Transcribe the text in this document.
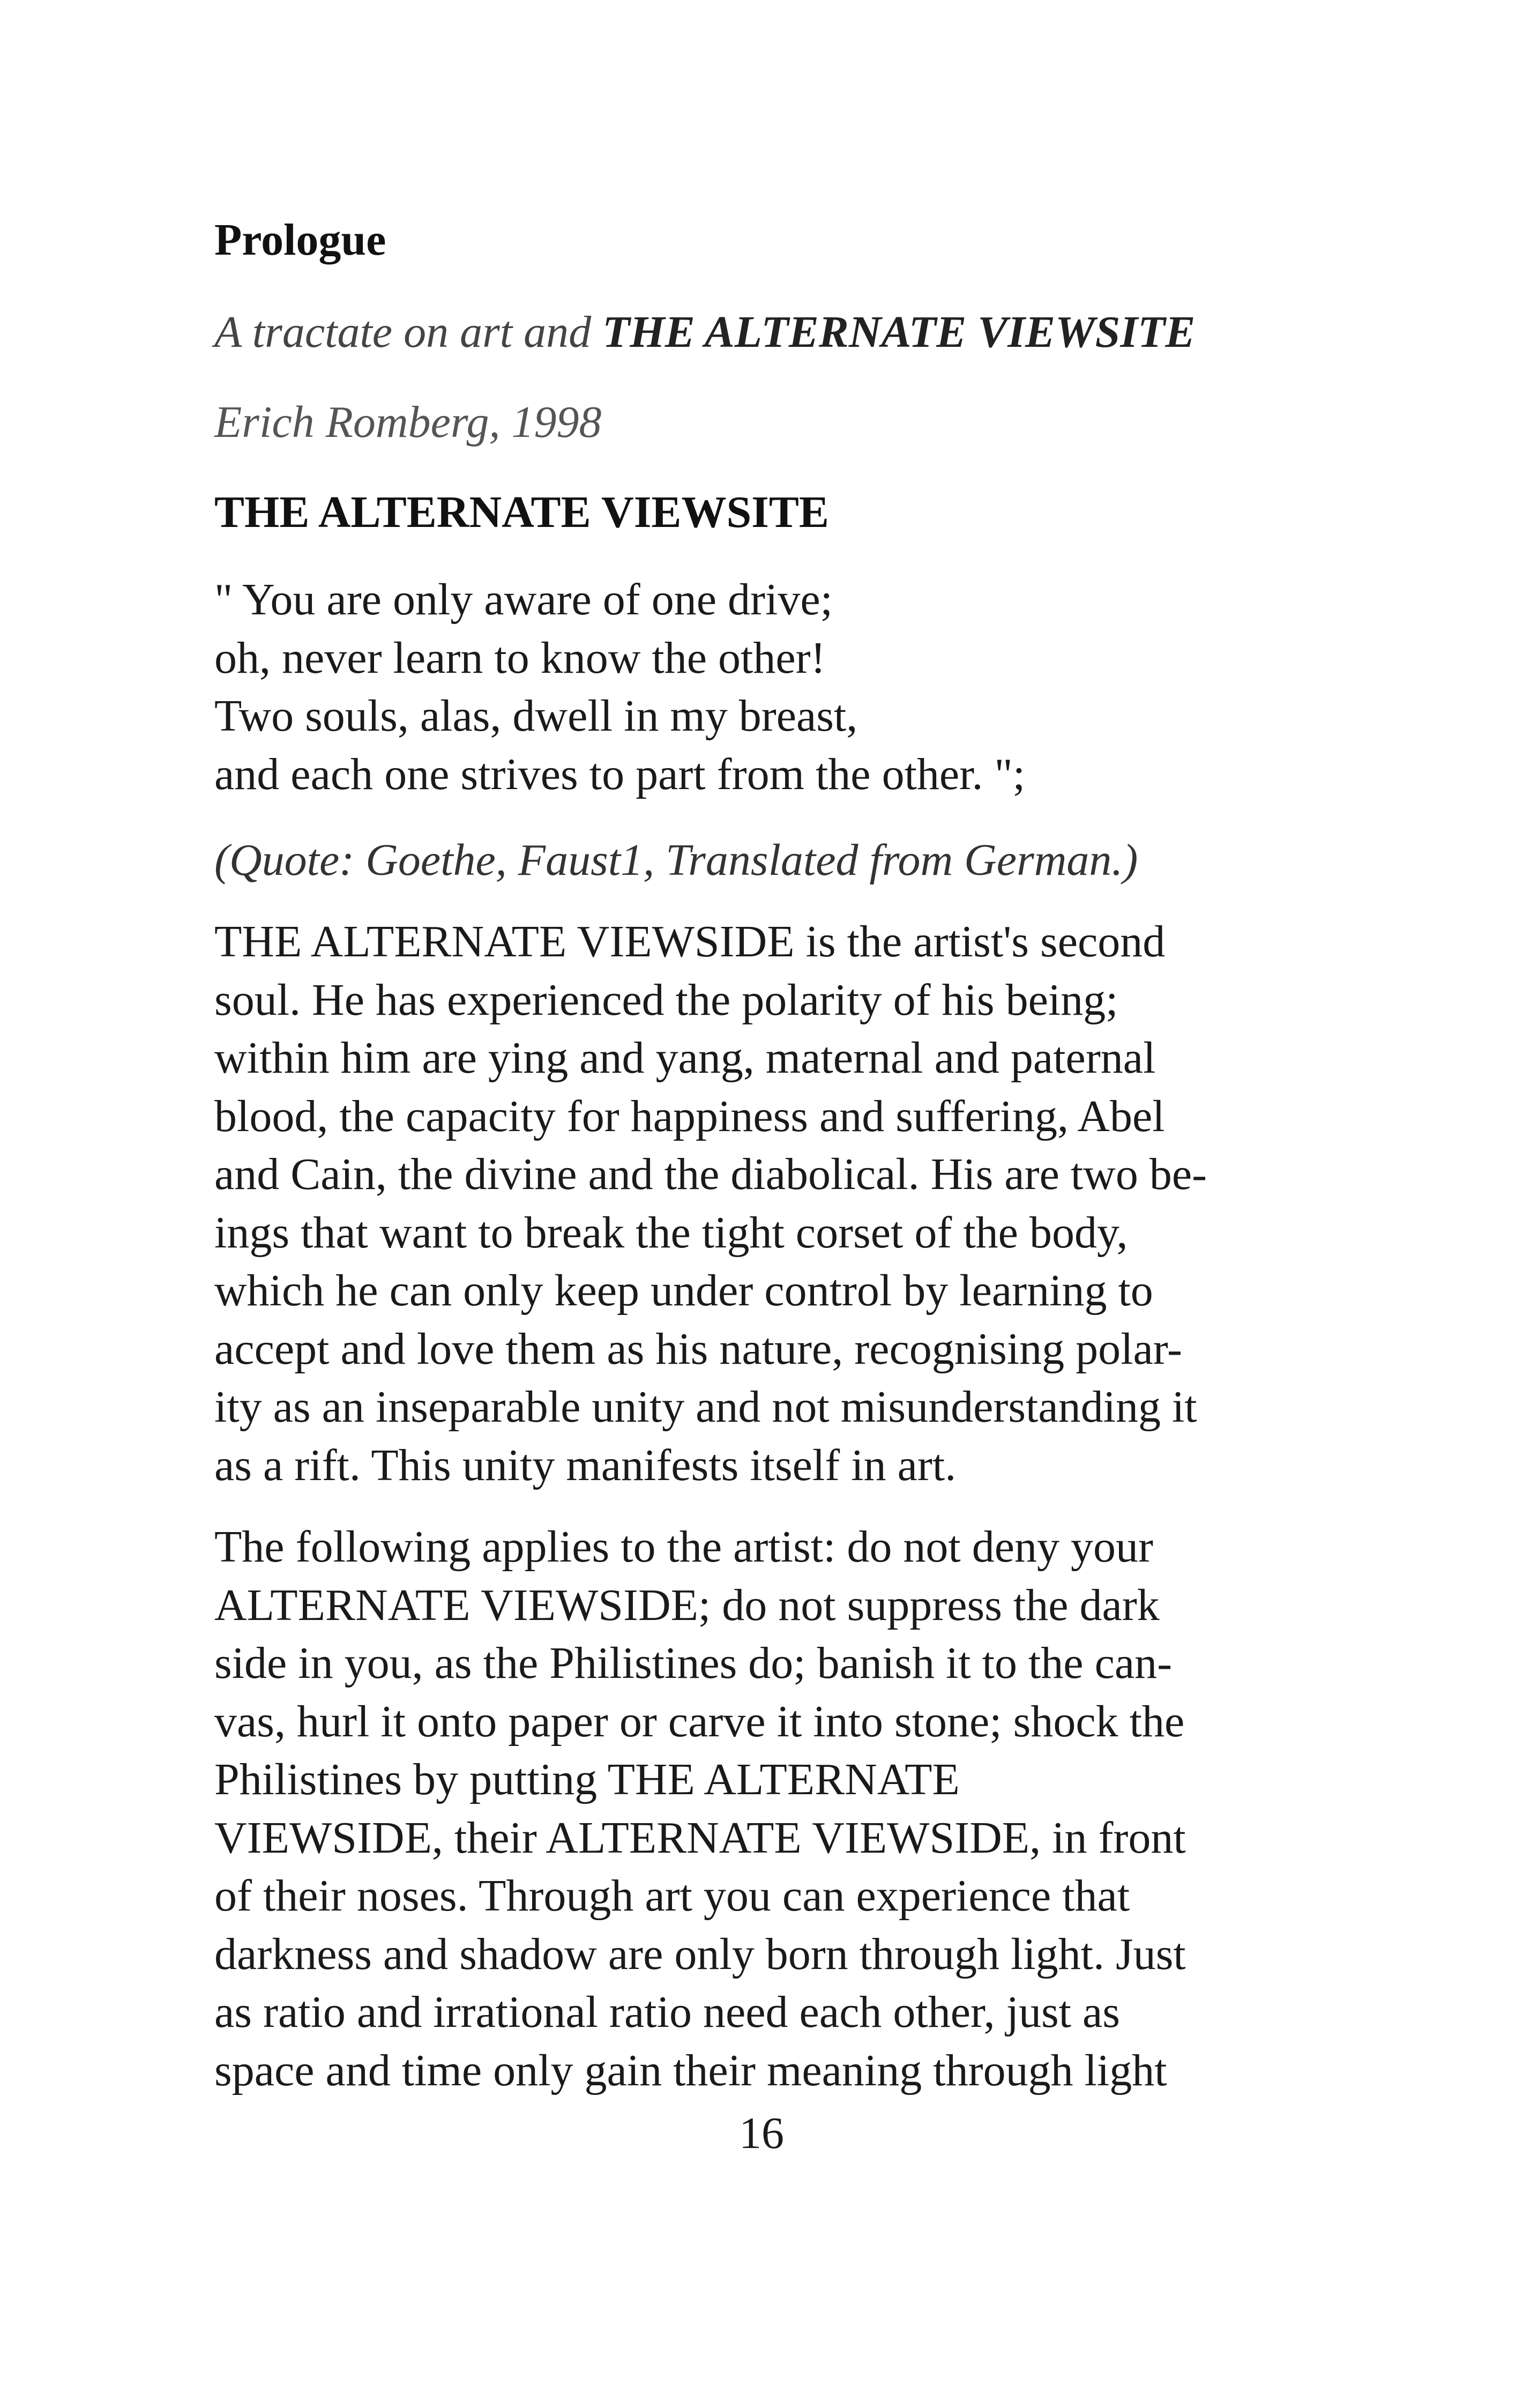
Prologue

A tractate on art and THE ALTERNATE VIEWSITE

Erich Romberg, 1998

THE ALTERNATE VIEWSITE

" You are only aware of one drive;
oh, never learn to know the other!
Two souls, alas, dwell in my breast,
and each one strives to part from the other. ";

(Quote: Goethe, Faust1, Translated from German.)

THE ALTERNATE VIEWSIDE is the artist's second
soul. He has experienced the polarity of his being;
within him are ying and yang, maternal and paternal
blood, the capacity for happiness and suffering, Abel
and Cain, the divine and the diabolical. His are two be-
ings that want to break the tight corset of the body,
which he can only keep under control by learning to
accept and love them as his nature, recognising polar-
ity as an inseparable unity and not misunderstanding it
as a rift. This unity manifests itself in art.
The following applies to the artist: do not deny your
ALTERNATE VIEWSIDE; do not suppress the dark
side in you, as the Philistines do; banish it to the can-
vas, hurl it onto paper or carve it into stone; shock the
Philistines by putting THE ALTERNATE
VIEWSIDE, their ALTERNATE VIEWSIDE, in front
of their noses. Through art you can experience that
darkness and shadow are only born through light. Just
as ratio and irrational ratio need each other, just as
space and time only gain their meaning through light
16
